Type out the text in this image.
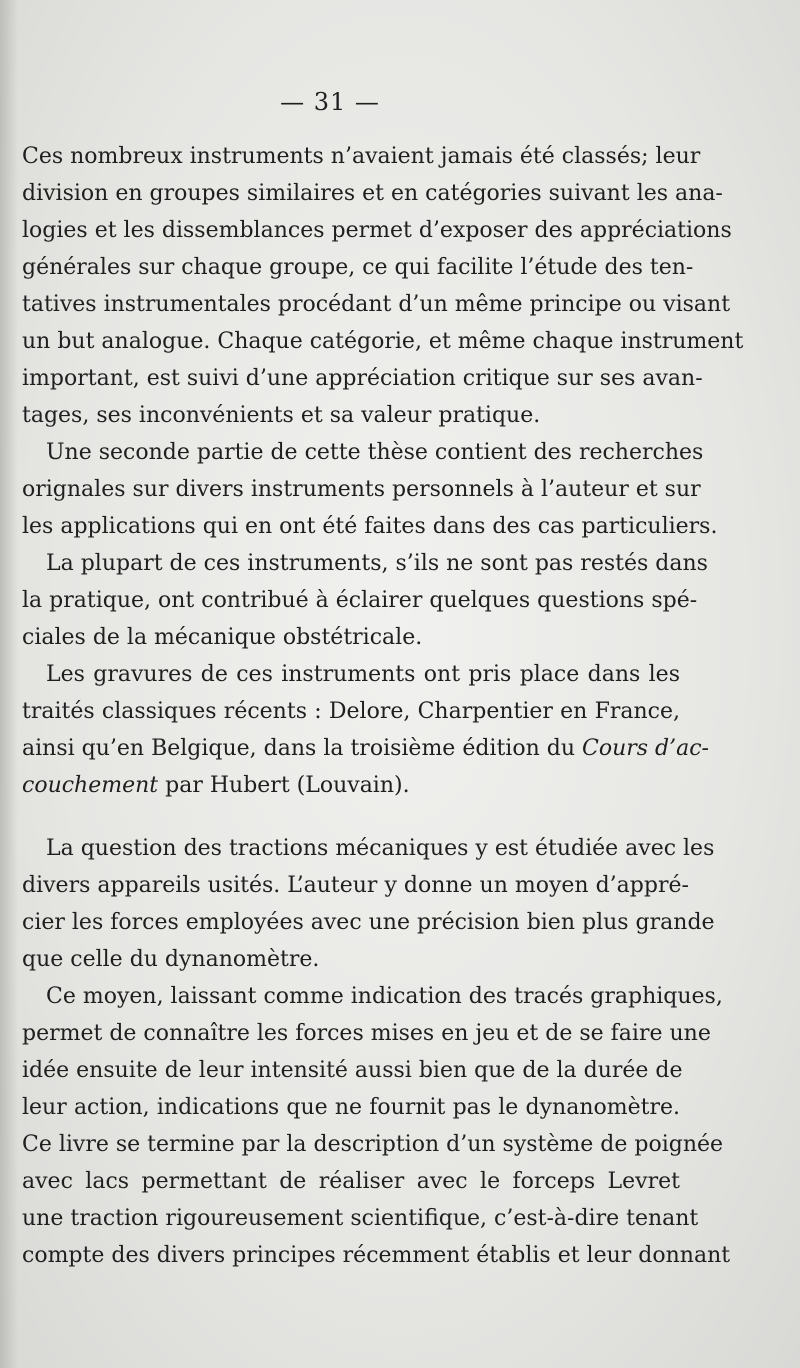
— 31 —
Ces nombreux instruments n’avaient jamais été classés; leur
division en groupes similaires et en catégories suivant les ana-
logies et les dissemblances permet d’exposer des appréciations
générales sur chaque groupe, ce qui facilite l’étude des ten-
tatives instrumentales procédant d’un même principe ou visant
un but analogue. Chaque catégorie, et même chaque instrument
important, est suivi d’une appréciation critique sur ses avan-
tages, ses inconvénients et sa valeur pratique.
Une seconde partie de cette thèse contient des recherches
orignales sur divers instruments personnels à l’auteur et sur
les applications qui en ont été faites dans des cas particuliers.
La plupart de ces instruments, s’ils ne sont pas restés dans
la pratique, ont contribué à éclairer quelques questions spé-
ciales de la mécanique obstétricale.
Les gravures de ces instruments ont pris place dans les
traités classiques récents : Delore, Charpentier en France,
ainsi qu’en Belgique, dans la troisième édition du Cours d’ac-
couchement par Hubert (Louvain).
La question des tractions mécaniques y est étudiée avec les
divers appareils usités. L’auteur y donne un moyen d’appré-
cier les forces employées avec une précision bien plus grande
que celle du dynanomètre.
Ce moyen, laissant comme indication des tracés graphiques,
permet de connaître les forces mises en jeu et de se faire une
idée ensuite de leur intensité aussi bien que de la durée de
leur action, indications que ne fournit pas le dynanomètre.
Ce livre se termine par la description d’un système de poignée
avec lacs permettant de réaliser avec le forceps Levret
une traction rigoureusement scientifique, c’est-à-dire tenant
compte des divers principes récemment établis et leur donnant
